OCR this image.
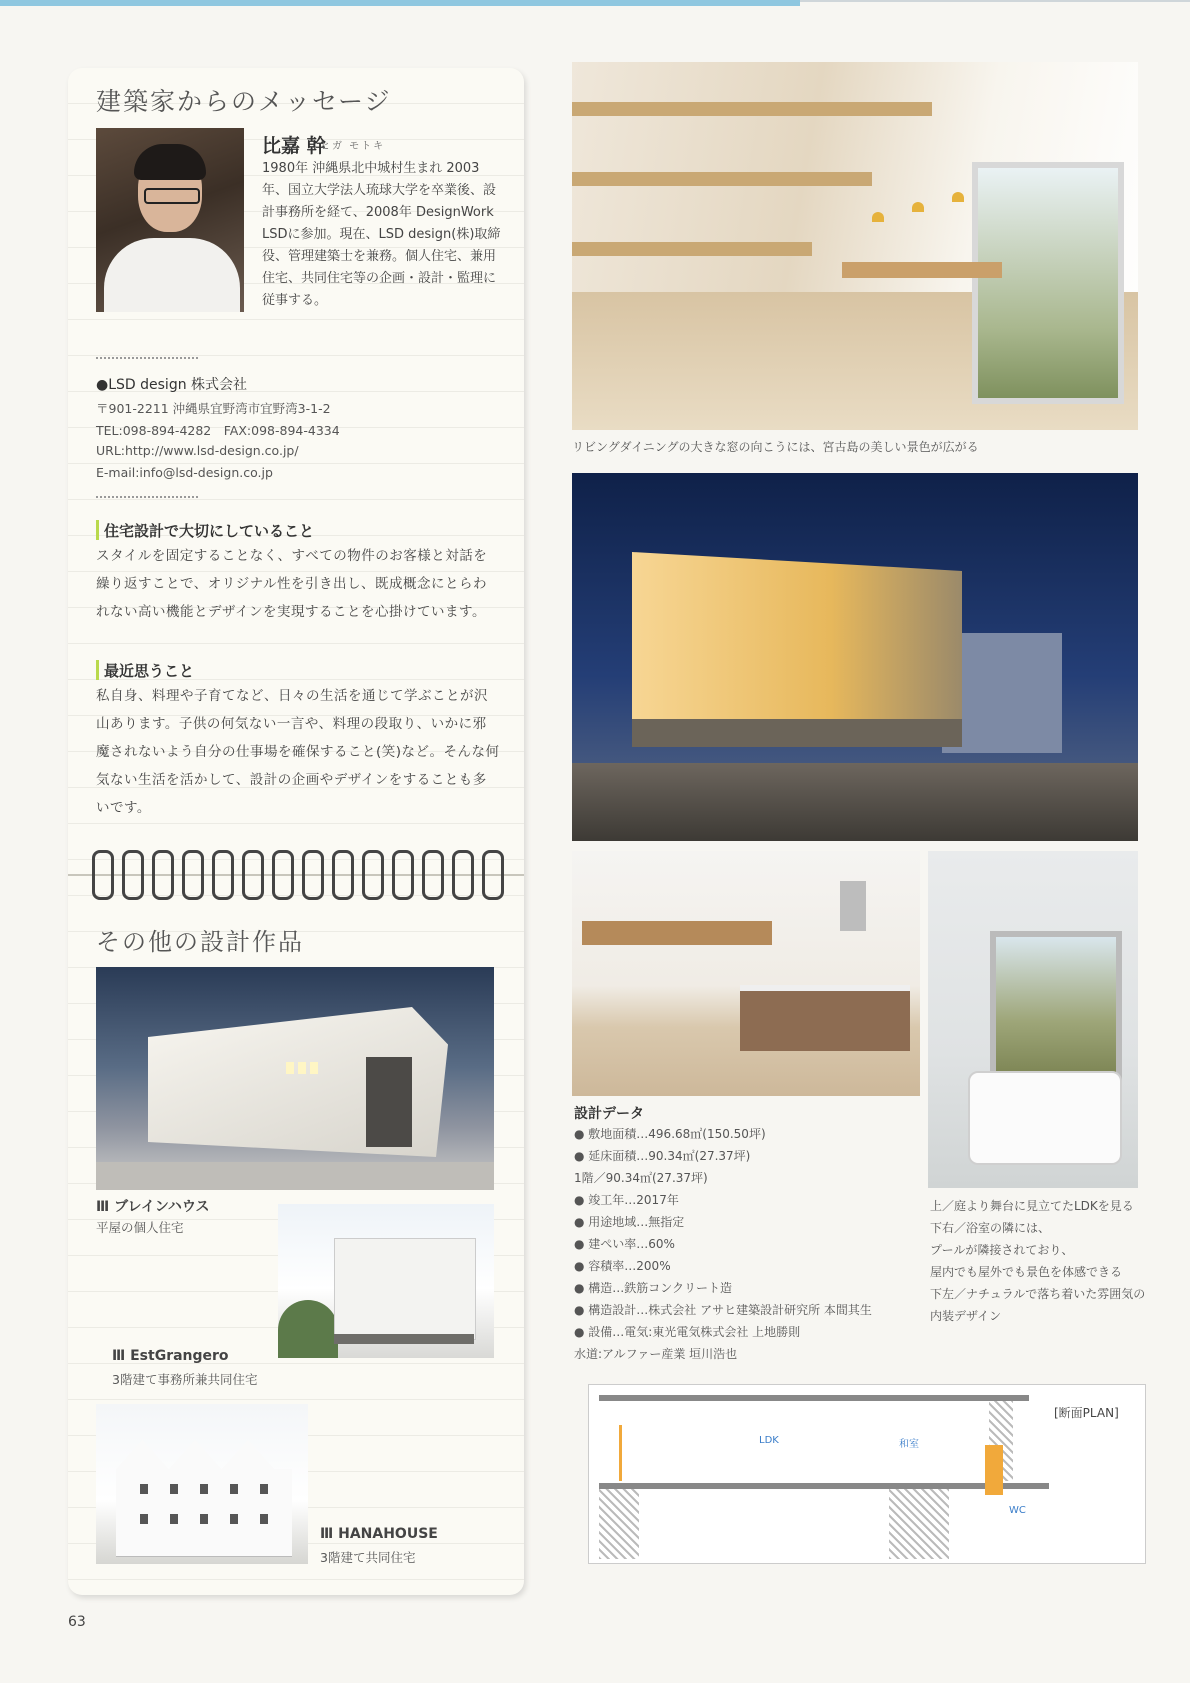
建築家からのメッセージ
比嘉 幹
ヒガ モトキ
1980年 沖縄県北中城村生まれ 2003年、国立大学法人琉球大学を卒業後、設計事務所を経て、2008年 DesignWork LSDに参加。現在、LSD design(株)取締役、管理建築士を兼務。個人住宅、兼用住宅、共同住宅等の企画・設計・監理に従事する。
●LSD design 株式会社
〒901-2211 沖縄県宜野湾市宜野湾3-1-2
TEL:098-894-4282　FAX:098-894-4334
URL:http://www.lsd-design.co.jp/
E-mail:info@lsd-design.co.jp
住宅設計で大切にしていること
スタイルを固定することなく、すべての物件のお客様と対話を繰り返すことで、オリジナル性を引き出し、既成概念にとらわれない高い機能とデザインを実現することを心掛けています。
最近思うこと
私自身、料理や子育てなど、日々の生活を通じて学ぶことが沢山あります。子供の何気ない一言や、料理の段取り、いかに邪魔されないよう自分の仕事場を確保すること(笑)など。そんな何気ない生活を活かして、設計の企画やデザインをすることも多いです。
その他の設計作品
Ⅲ ブレインハウス
平屋の個人住宅
Ⅲ EstGrangero
3階建て事務所兼共同住宅
Ⅲ HANAHOUSE
3階建て共同住宅
リビングダイニングの大きな窓の向こうには、宮古島の美しい景色が広がる
設計データ
● 敷地面積…496.68㎡(150.50坪)
● 延床面積…90.34㎡(27.37坪)
1階／90.34㎡(27.37坪)
● 竣工年…2017年
● 用途地域…無指定
● 建ぺい率…60%
● 容積率…200%
● 構造…鉄筋コンクリート造
● 構造設計…株式会社 アサヒ建築設計研究所 本間其生
● 設備…電気:東光電気株式会社 上地勝則
水道:アルファー産業 垣川浩也
上／庭より舞台に見立てたLDKを見る
下右／浴室の隣には、
プールが隣接されており、
屋内でも屋外でも景色を体感できる
下左／ナチュラルで落ち着いた雰囲気の
内装デザイン
LDK	和室
WC
[断面PLAN]
63
